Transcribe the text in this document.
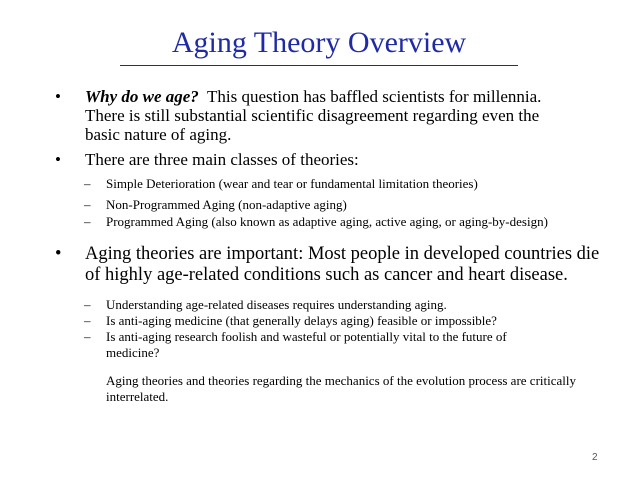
Aging Theory Overview
• Why do we age?  This question has baffled scientists for millennia. There is still substantial scientific disagreement regarding even the basic nature of aging.
• There are three main classes of theories:
– Simple Deterioration (wear and tear or fundamental limitation theories)
– Non-Programmed Aging (non-adaptive aging)
– Programmed Aging (also known as adaptive aging, active aging, or aging-by-design)
• Aging theories are important: Most people in developed countries die of highly age-related conditions such as cancer and heart disease.
– Understanding age-related diseases requires understanding aging.
– Is anti-aging medicine (that generally delays aging) feasible or impossible?
– Is anti-aging research foolish and wasteful or potentially vital to the future of medicine?
Aging theories and theories regarding the mechanics of the evolution process are critically interrelated.
2
